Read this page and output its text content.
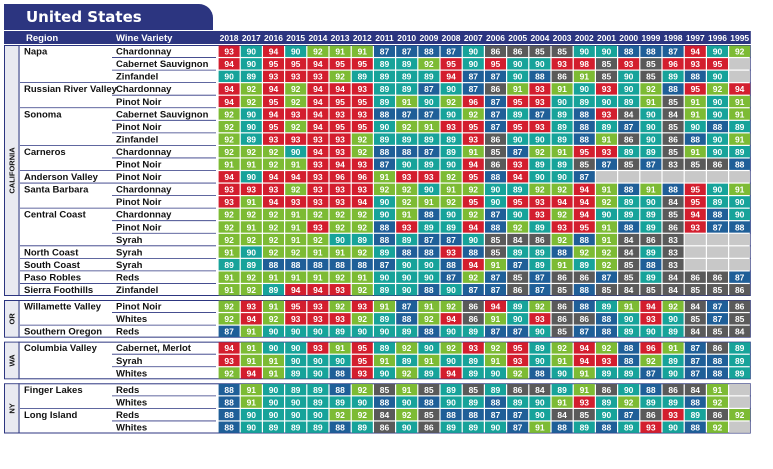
United States
Region	Wine Variety	2018 2017 2016 2015 2014 2013 2012 2011 2010 2009 2008 2007 2006 2005 2004 2003 2002 2001 2000 1999 1998 1997 1996 1995
CALIFORNIA
Napa	Chardonnay	93 90 94 90 92 91 91 87 87 88 87 90 86 86 85 85 90 90 88 88 87 94 90 92
Cabernet Sauvignon 94 90 95 95 94 95 95 89 89 92 95 90 95 90 90 93 98 85 93 85 96 93 95
Zinfandel	90 89 93 93 93 92 89 89 89 89 94 87 87 90 88 86 91 85 90 85 89 88 90
Russian River Valley Chardonnay	94 92 94 92 94 94 93 89 89 87 90 87 86 91 93 91 90 93 90 92 88 95 92 94
Pinot Noir	94 92 95 92 94 95 95 89 91 90 92 96 87 95 93 90 89 90 89 91 85 91 90 91
Sonoma	Cabernet Sauvignon 92 90 94 93 94 93 93 88 87 87 90 92 87 89 87 89 88 93 84 90 84 91 90 91
Pinot Noir	92 90 95 92 94 95 95 90 92 91 93 95 87 95 93 89 88 89 87 90 85 90 88 89
Zinfandel	92 89 93 93 93 93 92 89 89 89 89 93 86 90 90 89 88 91 86 90 86 88 90 91
Carneros	Chardonnay	92 92 92 90 94 93 92 88 88 87 89 91 85 87 92 91 95 93 89 89 85 91 90 89
Pinot Noir	91 91 92 91 93 94 93 87 90 89 90 94 86 93 89 89 85 87 85 87 83 85 86 88
Anderson Valley Pinot Noir	94 90 94 94 93 96 96 91 93 93 92 95 88 94 90 90 87
Santa Barbara	Chardonnay	93 93 93 92 93 93 93 92 92 90 91 92 90 89 92 92 94 91 88 91 88 95 90 91
Pinot Noir	93 91 94 93 93 93 94 90 92 91 92 95 90 95 93 94 94 92 89 90 84 95 89 90
Central Coast	Chardonnay	92 92 92 91 92 92 92 90 91 88 90 92 87 90 93 92 94 90 89 89 85 94 88 90
Pinot Noir	92 91 92 91 93 92 92 88 93 89 89 94 88 92 89 93 95 91 88 89 86 93 87 88
Syrah	92 92 92 91 92 90 89 88 89 87 87 90 85 84 86 92 88 91 84 86 83
North Coast	Syrah	91 90 92 92 91 91 92 89 88 88 93 88 85 89 89 88 92 92 84 89 83
South Coast	Syrah	89 89 88 88 88 88 88 87 90 90 88 94 91 87 89 91 89 92 85 88 83
Paso Robles	Reds	91 92 91 91 91 92 91 90 90 90 87 92 87 85 87 86 86 87 85 89 84 86 86 87
Sierra Foothills Zinfandel	91 92 89 94 94 93 92 89 90 88 90 87 87 86 87 85 88 85 84 85 84 85 85 86
OR
Willamette Valley Pinot Noir	92 93 91 95 93 92 93 91 87 91 92 86 94 89 92 86 88 89 91 94 92 84 87 86
Whites	92 94 92 93 93 93 92 89 88 92 94 86 91 90 93 86 86 88 90 93 90 85 87 85
Southern Oregon Reds	87 91 90 90 90 89 90 90 89 88 90 89 87 87 90 85 87 88 89 90 89 84 85 84
WA
Columbia Valley Cabernet, Merlot	94 91 90 90 93 91 95 89 92 90 92 93 92 95 89 92 94 92 88 96 91 87 86 89
Syrah	93 91 91 90 90 90 95 91 89 91 90 89 91 93 90 91 94 93 88 92 89 87 88 89
Whites	92 94 91 89 90 88 93 90 92 89 94 89 90 92 88 90 91 89 89 87 90 87 88 89
NY
Finger Lakes	Reds	88 91 90 89 89 88 92 85 91 85 89 85 89 86 84 89 91 86 90 88 86 84 91
Whites	88 91 90 90 89 89 90 88 90 88 90 89 88 89 90 91 93 89 92 89 89 88 92
Long Island	Reds	88 90 90 90 90 92 92 84 92 85 88 88 87 87 90 84 85 90 87 86 93 89 86 92
Whites	88 90 89 89 89 88 89 86 90 86 89 89 90 87 91 88 89 88 89 93 90 88 92
